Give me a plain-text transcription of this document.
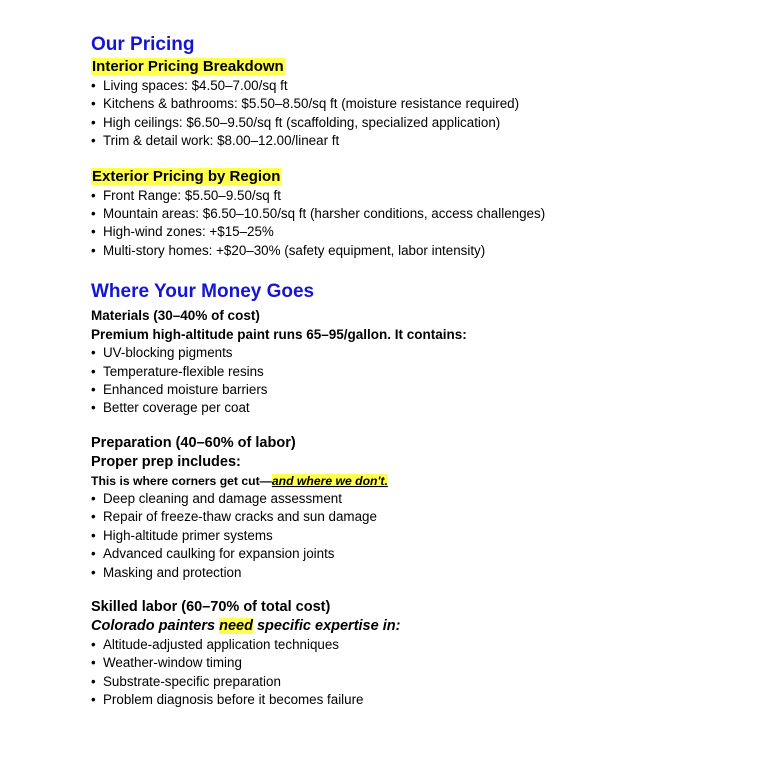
Our Pricing

Interior Pricing Breakdown

• Living spaces: $4.50–7.00/sq ft
• Kitchens & bathrooms: $5.50–8.50/sq ft (moisture resistance required)
• High ceilings: $6.50–9.50/sq ft (scaffolding, specialized application)
• Trim & detail work: $8.00–12.00/linear ft

Exterior Pricing by Region

• Front Range: $5.50–9.50/sq ft
• Mountain areas: $6.50–10.50/sq ft (harsher conditions, access challenges)
• High-wind zones: +$15–25%
• Multi-story homes: +$20–30% (safety equipment, labor intensity)
Where Your Money Goes

Materials (30–40% of cost)

Premium high-altitude paint runs 65–95/gallon. It contains:

• UV-blocking pigments
• Temperature-flexible resins
• Enhanced moisture barriers
• Better coverage per coat

Preparation (40–60% of labor)

Proper prep includes:

This is where corners get cut—and where we don't.

• Deep cleaning and damage assessment
• Repair of freeze-thaw cracks and sun damage
• High-altitude primer systems
• Advanced caulking for expansion joints
• Masking and protection

Skilled labor (60–70% of total cost)

Colorado painters need specific expertise in:

• Altitude-adjusted application techniques
• Weather-window timing
• Substrate-specific preparation
• Problem diagnosis before it becomes failure
